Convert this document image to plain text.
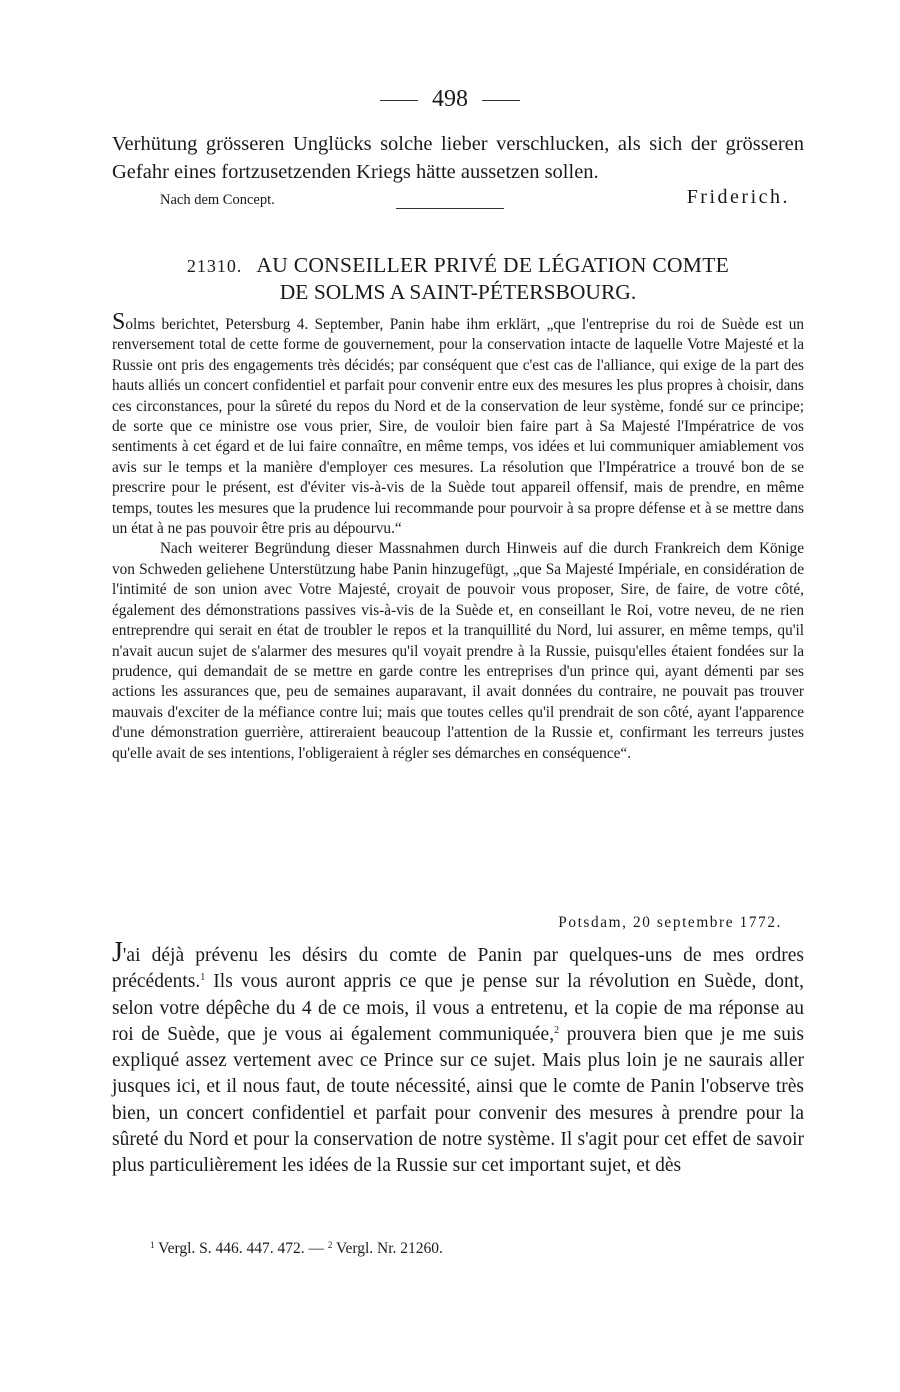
498

Verhütung grösseren Unglücks solche lieber verschlucken, als sich der grösseren Gefahr eines fortzusetzenden Kriegs hätte aussetzen sollen.

Nach dem Concept.	Friderich.
21310. AU CONSEILLER PRIVÉ DE LÉGATION COMTE
DE SOLMS A SAINT-PÉTERSBOURG.

Solms berichtet, Petersburg 4. September, Panin habe ihm erklärt, „que l'entreprise du roi de Suède est un renversement total de cette forme de gouvernement, pour la conservation intacte de laquelle Votre Majesté et la Russie ont pris des engagements très décidés; par conséquent que c'est cas de l'alliance, qui exige de la part des hauts alliés un concert confidentiel et parfait pour convenir entre eux des mesures les plus propres à choisir, dans ces circonstances, pour la sûreté du repos du Nord et de la conservation de leur système, fondé sur ce principe; de sorte que ce ministre ose vous prier, Sire, de vouloir bien faire part à Sa Majesté l'Impératrice de vos sentiments à cet égard et de lui faire connaître, en même temps, vos idées et lui communiquer amiablement vos avis sur le temps et la manière d'employer ces mesures. La résolution que l'Impératrice a trouvé bon de se prescrire pour le présent, est d'éviter vis-à-vis de la Suède tout appareil offensif, mais de prendre, en même temps, toutes les mesures que la prudence lui recommande pour pourvoir à sa propre défense et à se mettre dans un état à ne pas pouvoir être pris au dépourvu.“

Nach weiterer Begründung dieser Massnahmen durch Hinweis auf die durch Frankreich dem Könige von Schweden geliehene Unterstützung habe Panin hinzugefügt, „que Sa Majesté Impériale, en considération de l'intimité de son union avec Votre Majesté, croyait de pouvoir vous proposer, Sire, de faire, de votre côté, également des démonstrations passives vis-à-vis de la Suède et, en conseillant le Roi, votre neveu, de ne rien entreprendre qui serait en état de troubler le repos et la tranquillité du Nord, lui assurer, en même temps, qu'il n'avait aucun sujet de s'alarmer des mesures qu'il voyait prendre à la Russie, puisqu'elles étaient fondées sur la prudence, qui demandait de se mettre en garde contre les entreprises d'un prince qui, ayant démenti par ses actions les assurances que, peu de semaines auparavant, il avait données du contraire, ne pouvait pas trouver mauvais d'exciter de la méfiance contre lui; mais que toutes celles qu'il prendrait de son côté, ayant l'apparence d'une démonstration guerrière, attireraient beaucoup l'attention de la Russie et, confirmant les terreurs justes qu'elle avait de ses intentions, l'obligeraient à régler ses démarches en conséquence“.

Potsdam, 20 septembre 1772.

J'ai déjà prévenu les désirs du comte de Panin par quelques-uns de mes ordres précédents.$^1$ Ils vous auront appris ce que je pense sur la révolution en Suède, dont, selon votre dépêche du 4 de ce mois, il vous a entretenu, et la copie de ma réponse au roi de Suède, que je vous ai également communiquée,$^2$ prouvera bien que je me suis expliqué assez vertement avec ce Prince sur ce sujet. Mais plus loin je ne saurais aller jusques ici, et il nous faut, de toute nécessité, ainsi que le comte de Panin l'observe très bien, un concert confidentiel et parfait pour convenir des mesures à prendre pour la sûreté du Nord et pour la conservation de notre système. Il s'agit pour cet effet de savoir plus particulièrement les idées de la Russie sur cet important sujet, et dès

$^1$ Vergl. S. 446. 447. 472. — $^2$ Vergl. Nr. 21260.
